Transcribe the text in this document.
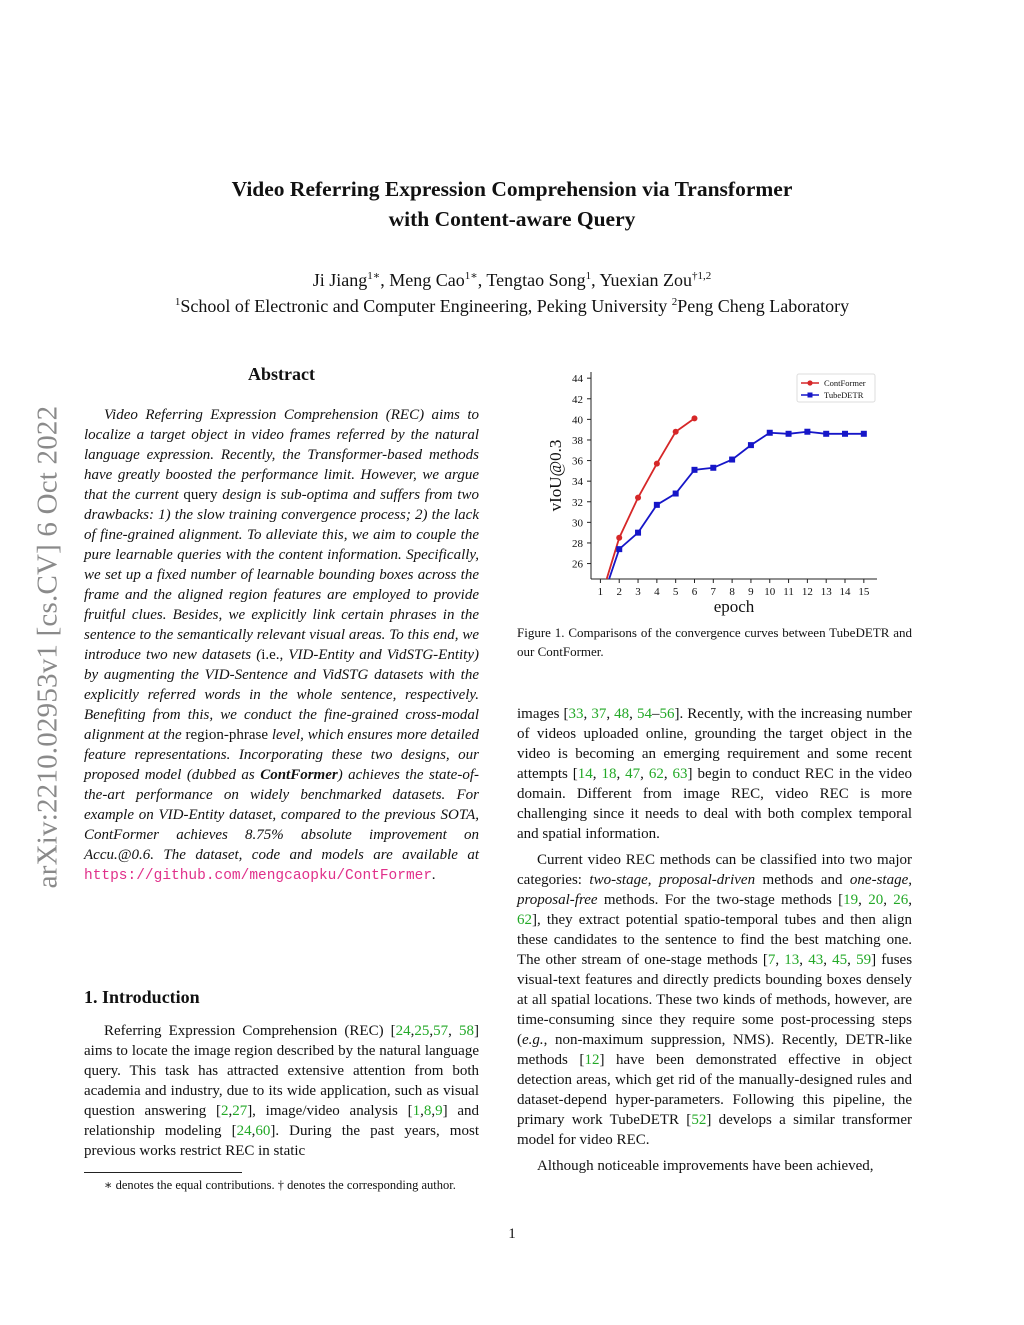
Video Referring Expression Comprehension via Transformer
with Content-aware Query
Ji Jiang$^{1∗}$, Meng Cao$^{1∗}$, Tengtao Song$^1$, Yuexian Zou$^{\dagger 1,2}$
$^1$School of Electronic and Computer Engineering, Peking University $^2$Peng Cheng Laboratory
arXiv:2210.02953v1 [cs.CV] 6 Oct 2022
Abstract

Video Referring Expression Comprehension (REC) aims to localize a target object in video frames referred by the natural language expression. Recently, the Transformer-based methods have greatly boosted the performance limit. However, we argue that the current query design is sub-optima and suffers from two drawbacks: 1) the slow training convergence process; 2) the lack of fine-grained alignment. To alleviate this, we aim to couple the pure learnable queries with the content information. Specifically, we set up a fixed number of learnable bounding boxes across the frame and the aligned region features are employed to provide fruitful clues. Besides, we explicitly link certain phrases in the sentence to the semantically relevant visual areas. To this end, we introduce two new datasets (i.e., VID-Entity and VidSTG-Entity) by augmenting the VID-Sentence and VidSTG datasets with the explicitly referred words in the whole sentence, respectively. Benefiting from this, we conduct the fine-grained cross-modal alignment at the region-phrase level, which ensures more detailed feature representations. Incorporating these two designs, our proposed model (dubbed as ContFormer) achieves the state-of-the-art performance on widely benchmarked datasets. For example on VID-Entity dataset, compared to the previous SOTA, ContFormer achieves 8.75% absolute improvement on Accu.@0.6. The dataset, code and models are available at https://github.com/mengcaopku/ContFormer.

1. Introduction

Referring Expression Comprehension (REC) [24,25,57, 58] aims to locate the image region described by the natural language query. This task has attracted extensive attention from both academia and industry, due to its wide application, such as visual question answering [2,27], image/video analysis [1,8,9] and relationship modeling [24,60]. During the past years, most previous works restrict REC in static

∗ denotes the equal contributions. † denotes the corresponding author.
26
28
30
32
34
36
38
40
42
44
1 2 3 4 5 6 7 8 9 10 11 12 13 14 15
epoch
vIoU@0.3
ContFormer
TubeDETR
Figure 1. Comparisons of the convergence curves between TubeDETR and our ContFormer.

images [33, 37, 48, 54–56]. Recently, with the increasing number of videos uploaded online, grounding the target object in the video is becoming an emerging requirement and some recent attempts [14, 18, 47, 62, 63] begin to conduct REC in the video domain. Different from image REC, video REC is more challenging since it needs to deal with both complex temporal and spatial information.

Current video REC methods can be classified into two major categories: two-stage, proposal-driven methods and one-stage, proposal-free methods. For the two-stage methods [19, 20, 26, 62], they extract potential spatio-temporal tubes and then align these candidates to the sentence to find the best matching one. The other stream of one-stage methods [7, 13, 43, 45, 59] fuses visual-text features and directly predicts bounding boxes densely at all spatial locations. These two kinds of methods, however, are time-consuming since they require some post-processing steps (e.g., non-maximum suppression, NMS). Recently, DETR-like methods [12] have been demonstrated effective in object detection areas, which get rid of the manually-designed rules and dataset-depend hyper-parameters. Following this pipeline, the primary work TubeDETR [52] develops a similar transformer model for video REC.

Although noticeable improvements have been achieved,

1
